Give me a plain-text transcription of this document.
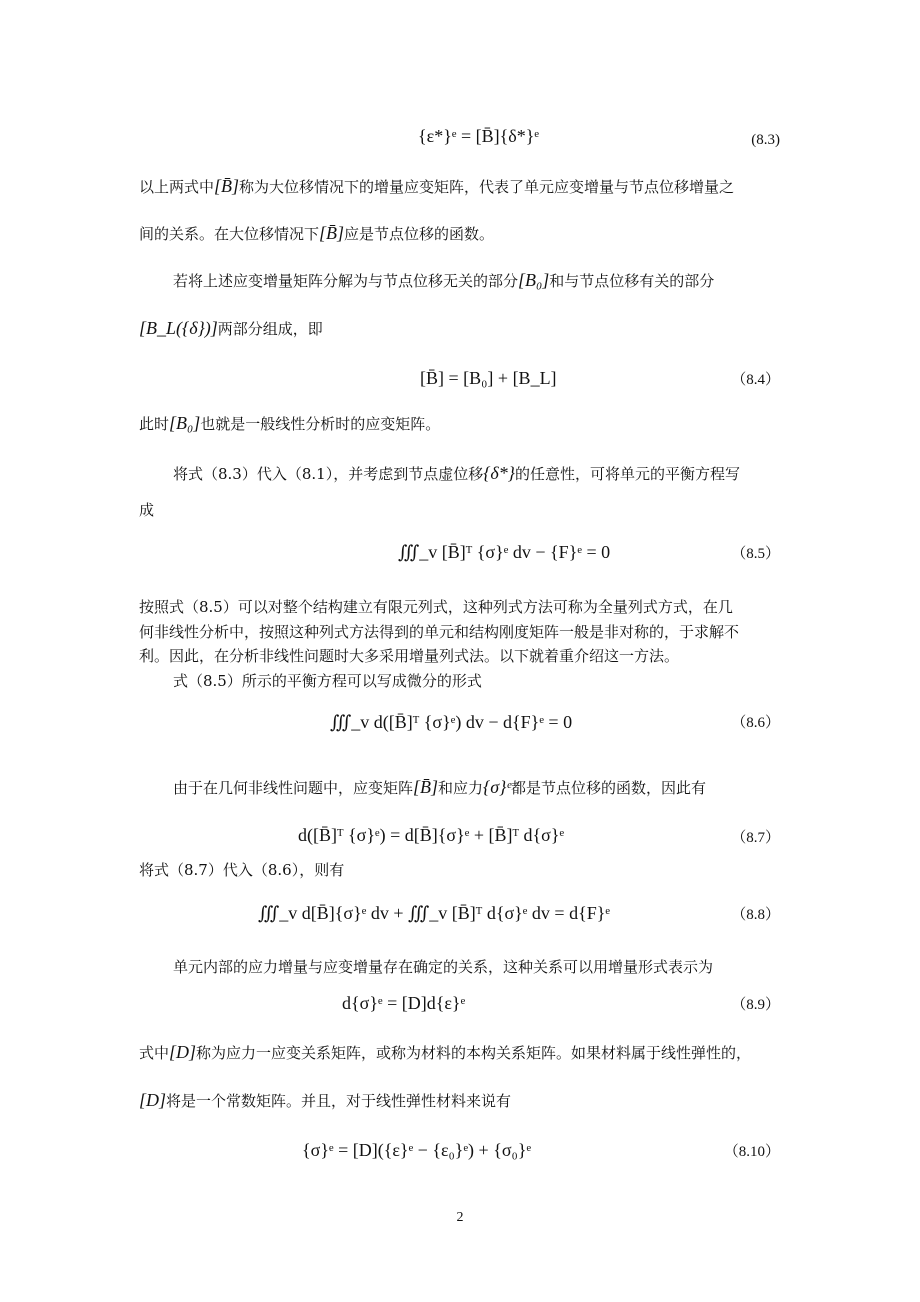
{ε*}ᵉ = [B̄]{δ*}ᵉ	(8.3)
以上两式中[B̄]称为大位移情况下的增量应变矩阵，代表了单元应变增量与节点位移增量之
间的关系。在大位移情况下[B̄]应是节点位移的函数。
若将上述应变增量矩阵分解为与节点位移无关的部分[B₀]和与节点位移有关的部分
[B_L({δ})]两部分组成，即
[B̄] = [B₀] + [B_L]	（8.4）
此时[B₀]也就是一般线性分析时的应变矩阵。
将式（8.3）代入（8.1），并考虑到节点虚位移{δ*}的任意性，可将单元的平衡方程写
成
∭_v [B̄]ᵀ {σ}ᵉ dv − {F}ᵉ = 0	（8.5）
按照式（8.5）可以对整个结构建立有限元列式，这种列式方法可称为全量列式方式，在几
何非线性分析中，按照这种列式方法得到的单元和结构刚度矩阵一般是非对称的，于求解不
利。因此，在分析非线性问题时大多采用增量列式法。以下就着重介绍这一方法。
式（8.5）所示的平衡方程可以写成微分的形式
∭_v d([B̄]ᵀ {σ}ᵉ) dv − d{F}ᵉ = 0	（8.6）
由于在几何非线性问题中，应变矩阵[B̄]和应力{σ}ᵉ都是节点位移的函数，因此有
d([B̄]ᵀ {σ}ᵉ) = d[B̄]{σ}ᵉ + [B̄]ᵀ d{σ}ᵉ	（8.7）
将式（8.7）代入（8.6），则有
∭_v d[B̄]{σ}ᵉ dv + ∭_v [B̄]ᵀ d{σ}ᵉ dv = d{F}ᵉ	（8.8）
单元内部的应力增量与应变增量存在确定的关系，这种关系可以用增量形式表示为
d{σ}ᵉ = [D]d{ε}ᵉ	（8.9）
式中[D]称为应力一应变关系矩阵，或称为材料的本构关系矩阵。如果材料属于线性弹性的，
[D]将是一个常数矩阵。并且，对于线性弹性材料来说有
{σ}ᵉ = [D]({ε}ᵉ − {ε₀}ᵉ) + {σ₀}ᵉ	（8.10）
2
